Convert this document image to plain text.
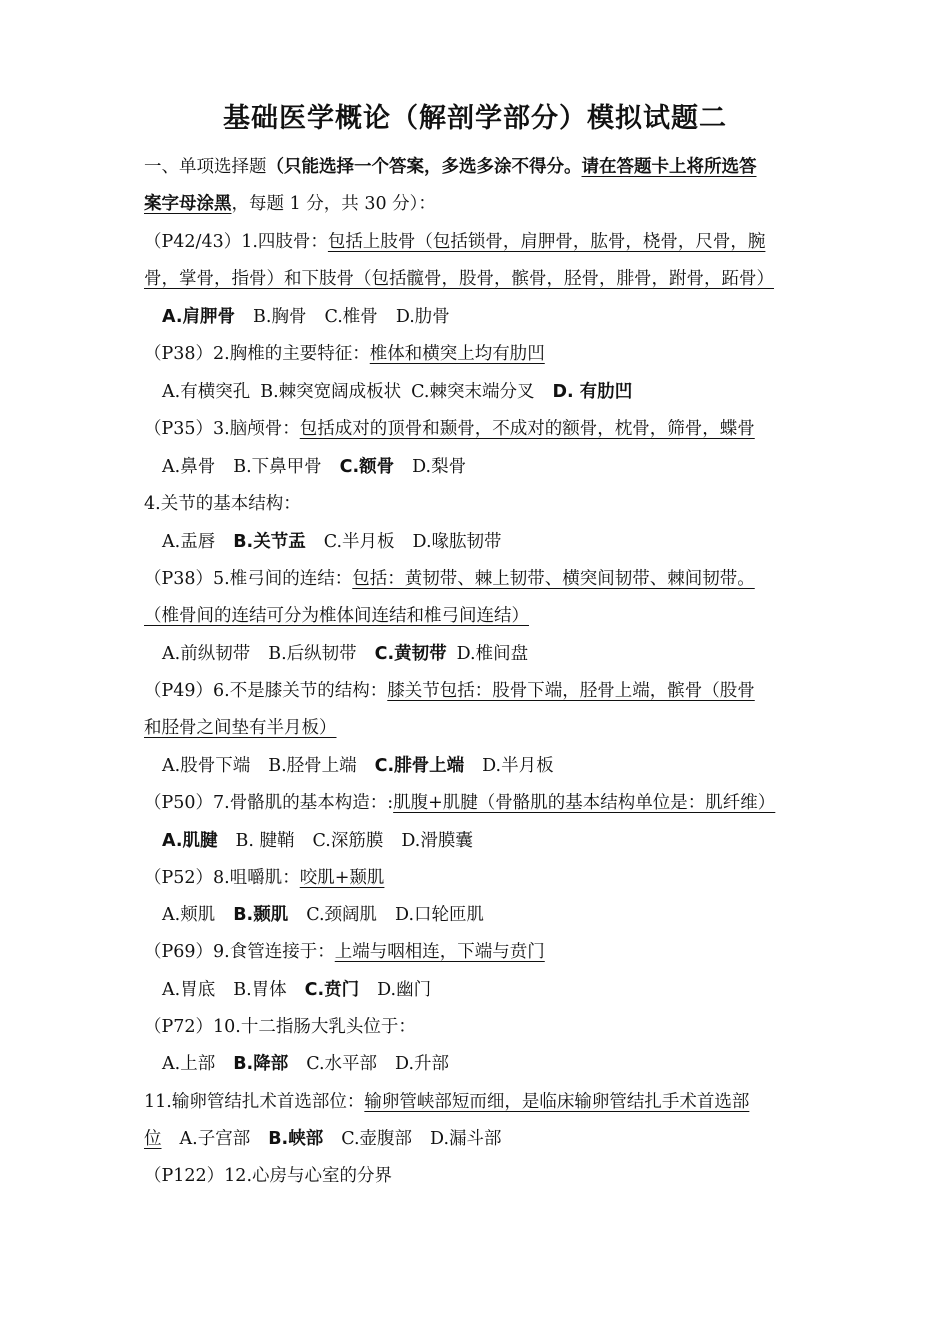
基础医学概论（解剖学部分）模拟试题二
一、单项选择题（只能选择一个答案，多选多涂不得分。请在答题卡上将所选答
案字母涂黑，每题 1 分，共 30 分）：
（P42/43）1.四肢骨：包括上肢骨（包括锁骨，肩胛骨，肱骨，桡骨，尺骨，腕
骨，掌骨，指骨）和下肢骨（包括髋骨，股骨，髌骨，胫骨，腓骨，跗骨，跖骨）
A.肩胛骨 B.胸骨 C.椎骨 D.肋骨
（P38）2.胸椎的主要特征：椎体和横突上均有肋凹
A.有横突孔 B.棘突宽阔成板状 C.棘突末端分叉 D. 有肋凹
（P35）3.脑颅骨：包括成对的顶骨和颞骨，不成对的额骨，枕骨，筛骨，蝶骨
A.鼻骨 B.下鼻甲骨 C.额骨 D.梨骨
4.关节的基本结构：
A.盂唇 B.关节盂 C.半月板 D.喙肱韧带
（P38）5.椎弓间的连结：包括：黄韧带、棘上韧带、横突间韧带、棘间韧带。
（椎骨间的连结可分为椎体间连结和椎弓间连结）
A.前纵韧带 B.后纵韧带 C.黄韧带 D.椎间盘
（P49）6.不是膝关节的结构：膝关节包括：股骨下端，胫骨上端，髌骨（股骨
和胫骨之间垫有半月板）
A.股骨下端 B.胫骨上端 C.腓骨上端 D.半月板
（P50）7.骨骼肌的基本构造：:肌腹+肌腱（骨骼肌的基本结构单位是：肌纤维）
A.肌腱 B. 腱鞘 C.深筋膜 D.滑膜囊
（P52）8.咀嚼肌：咬肌+颞肌
A.颊肌 B.颞肌 C.颈阔肌 D.口轮匝肌
（P69）9.食管连接于：上端与咽相连，下端与贲门
A.胃底 B.胃体 C.贲门 D.幽门
（P72）10.十二指肠大乳头位于：
A.上部 B.降部 C.水平部 D.升部
11.输卵管结扎术首选部位：输卵管峡部短而细，是临床输卵管结扎手术首选部
位 A.子宫部 B.峡部 C.壶腹部 D.漏斗部
（P122）12.心房与心室的分界
